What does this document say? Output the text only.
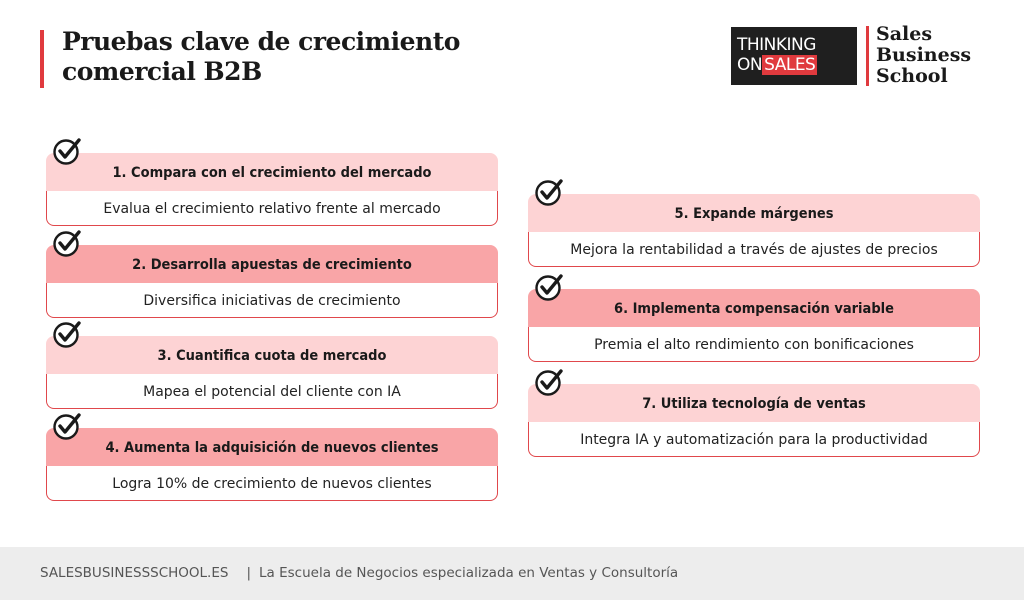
Pruebas clave de crecimiento comercial B2B
THINKING
ON SALES
Sales
Business
School
1. Compara con el crecimiento del mercado
Evalua el crecimiento relativo frente al mercado
2. Desarrolla apuestas de crecimiento
Diversifica iniciativas de crecimiento
3. Cuantifica cuota de mercado
Mapea el potencial del cliente con IA
4. Aumenta la adquisición de nuevos clientes
Logra 10% de crecimiento de nuevos clientes
5. Expande márgenes
Mejora la rentabilidad a través de ajustes de precios
6. Implementa compensación variable
Premia el alto rendimiento con bonificaciones
7. Utiliza tecnología de ventas
Integra IA y automatización para la productividad
SALESBUSINESSSCHOOL.ES | La Escuela de Negocios especializada en Ventas y Consultoría
